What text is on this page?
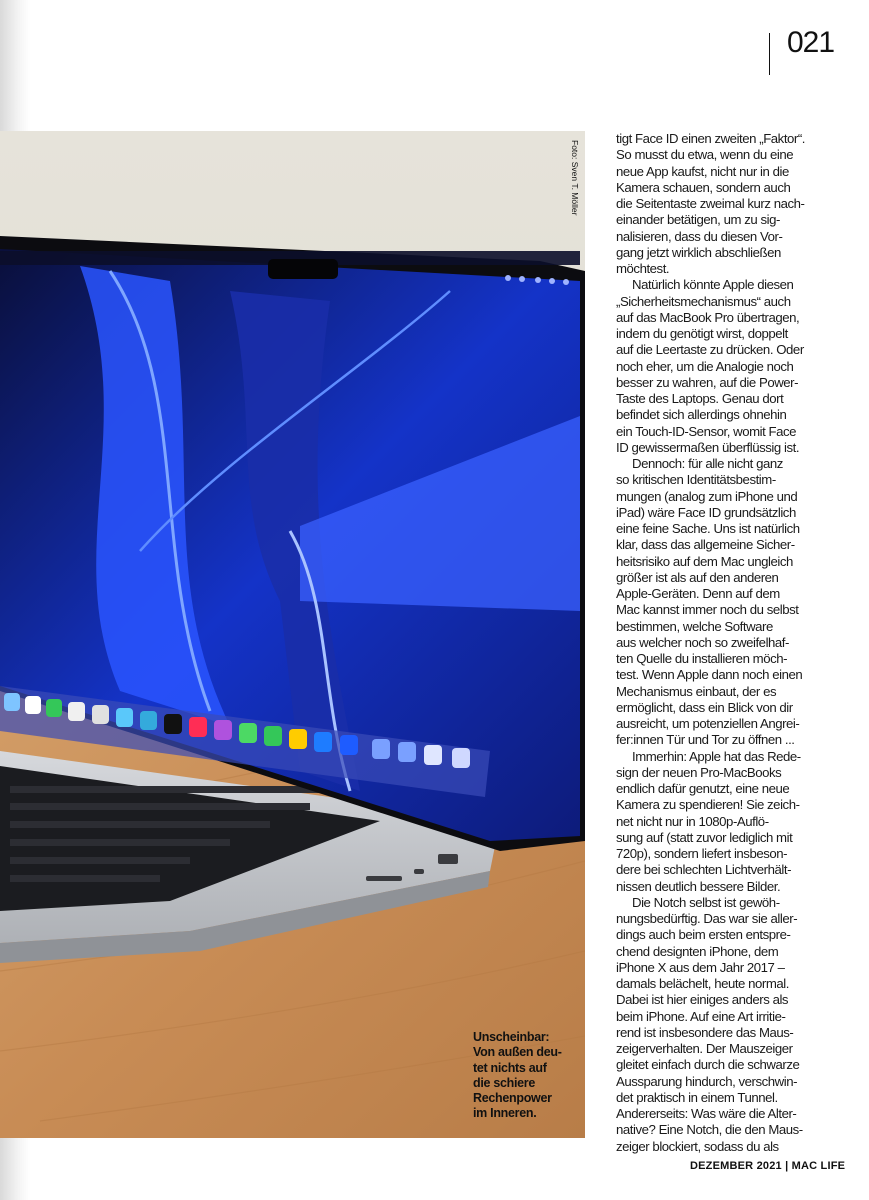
021
Foto: Sven T. Möller
Unscheinbar:
Von außen deu-
tet nichts auf
die schiere
Rechenpower
im Inneren.
tigt Face ID einen zweiten „Faktor“.
So musst du etwa, wenn du eine
neue App kaufst, nicht nur in die
Kamera schauen, sondern auch
die Seitentaste zweimal kurz nach-
einander betätigen, um zu sig-
nalisieren, dass du diesen Vor-
gang jetzt wirklich abschließen
möchtest.
Natürlich könnte Apple diesen
„Sicherheitsmechanismus“ auch
auf das MacBook Pro übertragen,
indem du genötigt wirst, doppelt
auf die Leertaste zu drücken. Oder
noch eher, um die Analogie noch
besser zu wahren, auf die Power-
Taste des Laptops. Genau dort
befindet sich allerdings ohnehin
ein Touch-ID-Sensor, womit Face
ID gewissermaßen überflüssig ist.
Dennoch: für alle nicht ganz
so kritischen Identitätsbestim-
mungen (analog zum iPhone und
iPad) wäre Face ID grundsätzlich
eine feine Sache. Uns ist natürlich
klar, dass das allgemeine Sicher-
heitsrisiko auf dem Mac ungleich
größer ist als auf den anderen
Apple-Geräten. Denn auf dem
Mac kannst immer noch du selbst
bestimmen, welche Software
aus welcher noch so zweifelhaf-
ten Quelle du installieren möch-
test. Wenn Apple dann noch einen
Mechanismus einbaut, der es
ermöglicht, dass ein Blick von dir
ausreicht, um potenziellen Angrei-
fer:innen Tür und Tor zu öffnen ...
Immerhin: Apple hat das Rede-
sign der neuen Pro-MacBooks
endlich dafür genutzt, eine neue
Kamera zu spendieren! Sie zeich-
net nicht nur in 1080p-Auflö-
sung auf (statt zuvor lediglich mit
720p), sondern liefert insbeson-
dere bei schlechten Lichtverhält-
nissen deutlich bessere Bilder.
Die Notch selbst ist gewöh-
nungsbedürftig. Das war sie aller-
dings auch beim ersten entspre-
chend designten iPhone, dem
iPhone X aus dem Jahr 2017 –
damals belächelt, heute normal.
Dabei ist hier einiges anders als
beim iPhone. Auf eine Art irritie-
rend ist insbesondere das Maus-
zeigerverhalten. Der Mauszeiger
gleitet einfach durch die schwarze
Aussparung hindurch, verschwin-
det praktisch in einem Tunnel.
Andererseits: Was wäre die Alter-
native? Eine Notch, die den Maus-
zeiger blockiert, sodass du als
DEZEMBER 2021 | MAC LIFE
